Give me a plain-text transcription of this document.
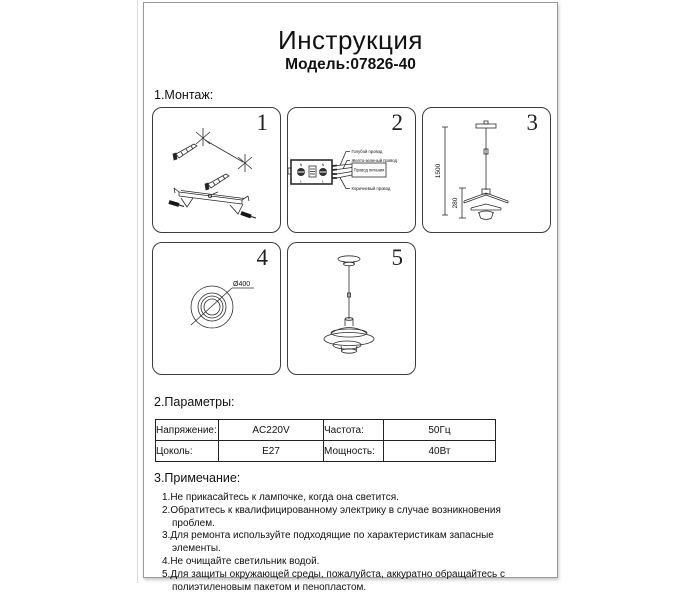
Инструкция
Модель:07826-40
1.Монтаж:
1	2
N
L
N
L
Провод питания
Голубой провод
Желто-зеленый провод
Коричневый провод
3
1500
280
4
Ø400
5
2.Параметры:
Напряжение:	AC220V	Частота:	50Гц
Цоколь:	E27	Мощность:	40Вт
3.Примечание:
1.Не прикасайтесь к лампочке, когда она светится.
2.Обратитесь к квалифицированному электрику в случае возникновения проблем.
3.Для ремонта используйте подходящие по характеристикам запасные элементы.
4.Не очищайте светильник водой.
5.Для защиты окружающей среды, пожалуйста, аккуратно обращайтесь с полиэтиленовым пакетом и пенопластом.
